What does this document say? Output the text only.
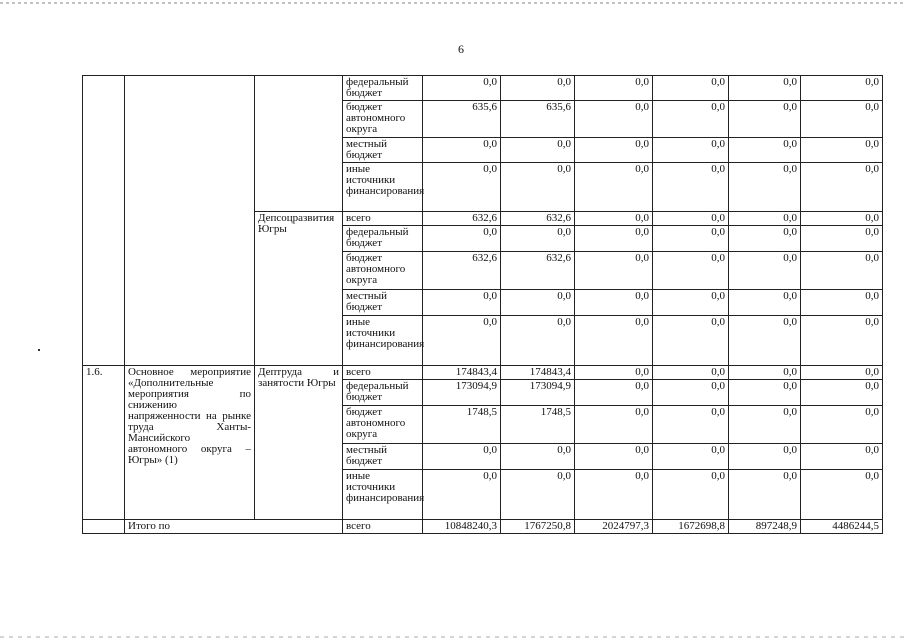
6
			федеральный бюджет	0,0	0,0	0,0	0,0	0,0	0,0
			бюджет автономного округа	635,6	635,6	0,0	0,0	0,0	0,0
			местный бюджет	0,0	0,0	0,0	0,0	0,0	0,0
			иные источники финансирования	0,0	0,0	0,0	0,0	0,0	0,0
		Депсоцразвития Югры	всего	632,6	632,6	0,0	0,0	0,0	0,0
			федеральный бюджет	0,0	0,0	0,0	0,0	0,0	0,0
			бюджет автономного округа	632,6	632,6	0,0	0,0	0,0	0,0
			местный бюджет	0,0	0,0	0,0	0,0	0,0	0,0
			иные источники финансирования	0,0	0,0	0,0	0,0	0,0	0,0
1.6.	Основное мероприятие «Дополнительные мероприятия по снижению напряженности на рынке труда Ханты-Мансийского автономного округа – Югры» (1)	Дептруда и занятости Югры	всего	174843,4	174843,4	0,0	0,0	0,0	0,0
			федеральный бюджет	173094,9	173094,9	0,0	0,0	0,0	0,0
			бюджет автономного округа	1748,5	1748,5	0,0	0,0	0,0	0,0
			местный бюджет	0,0	0,0	0,0	0,0	0,0	0,0
			иные источники финансирования	0,0	0,0	0,0	0,0	0,0	0,0
	Итого по		всего	10848240,3	1767250,8	2024797,3	1672698,8	897248,9	4486244,5
